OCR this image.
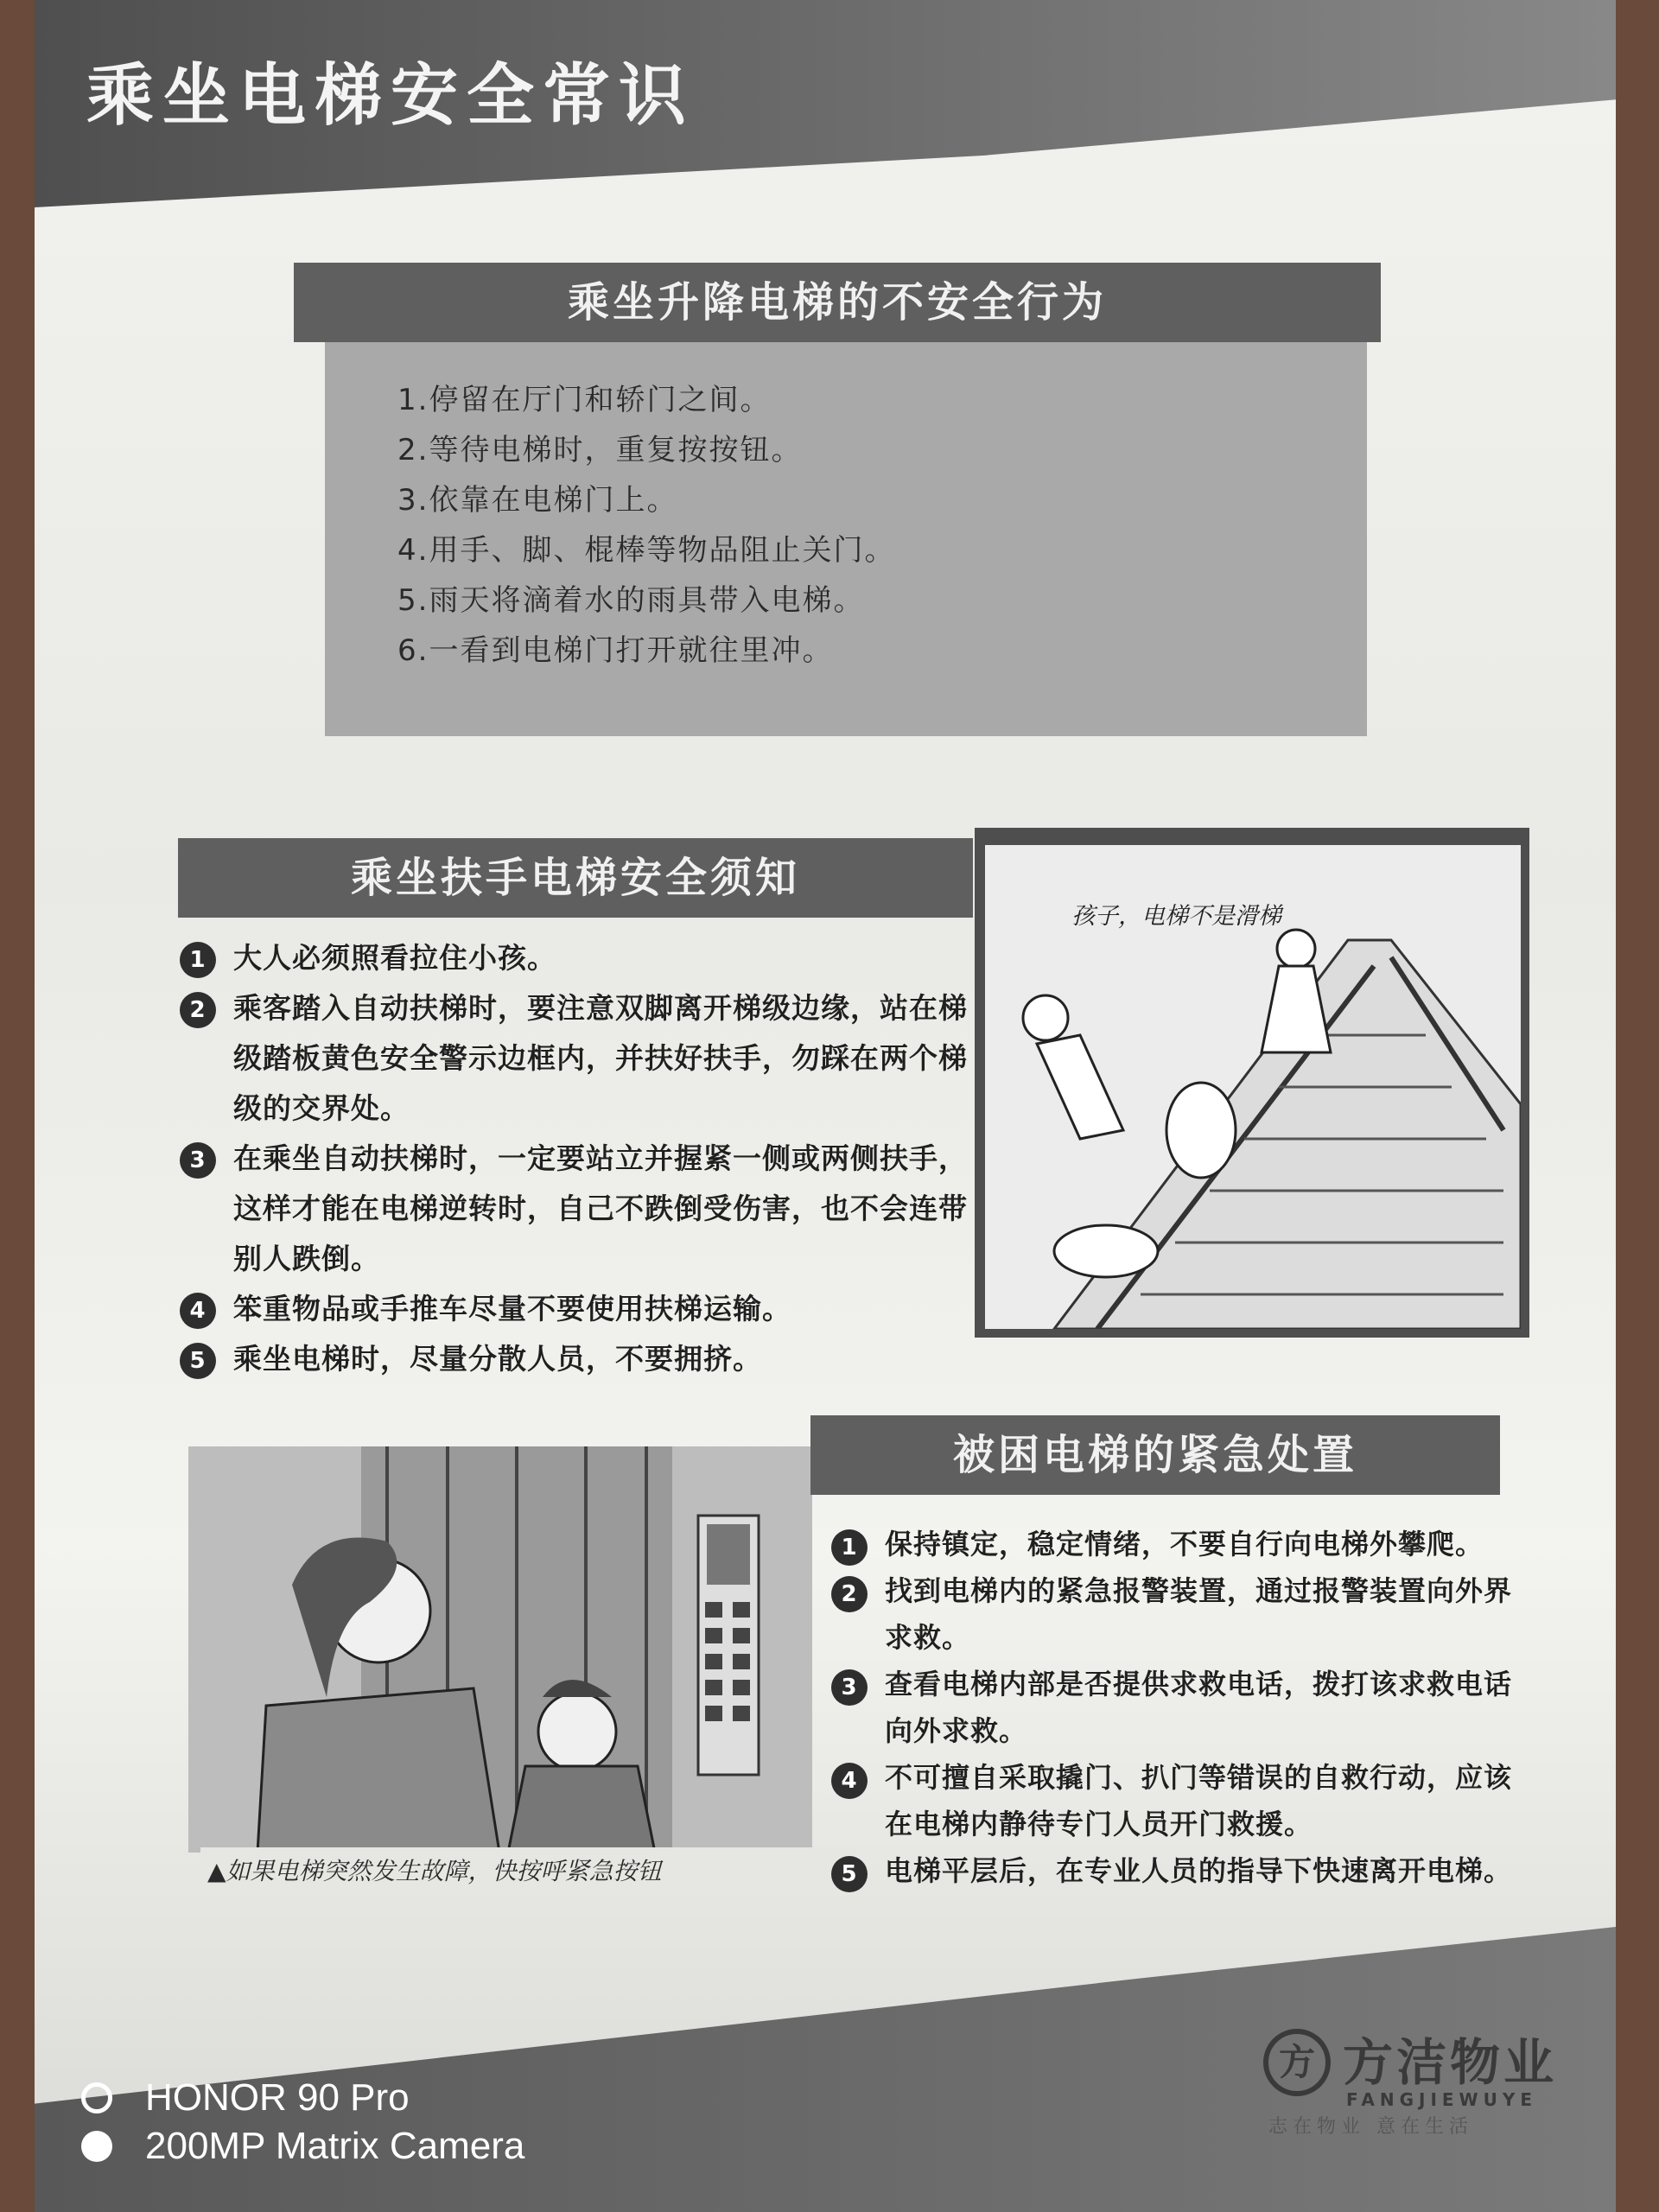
乘坐电梯安全常识
乘坐升降电梯的不安全行为
1.停留在厅门和轿门之间。
2.等待电梯时，重复按按钮。
3.依靠在电梯门上。
4.用手、脚、棍棒等物品阻止关门。
5.雨天将滴着水的雨具带入电梯。
6.一看到电梯门打开就往里冲。
乘坐扶手电梯安全须知
1 大人必须照看拉住小孩。
2 乘客踏入自动扶梯时，要注意双脚离开梯级边缘，站在梯级踏板黄色安全警示边框内，并扶好扶手，勿踩在两个梯级的交界处。
3 在乘坐自动扶梯时，一定要站立并握紧一侧或两侧扶手，这样才能在电梯逆转时，自己不跌倒受伤害，也不会连带别人跌倒。
4 笨重物品或手推车尽量不要使用扶梯运输。
5 乘坐电梯时，尽量分散人员，不要拥挤。
孩子，电梯不是滑梯
▲如果电梯突然发生故障，快按呼紧急按钮
被困电梯的紧急处置
1 保持镇定，稳定情绪，不要自行向电梯外攀爬。
2 找到电梯内的紧急报警装置，通过报警装置向外界求救。
3 查看电梯内部是否提供求救电话，拨打该求救电话向外求救。
4 不可擅自采取撬门、扒门等错误的自救行动，应该在电梯内静待专门人员开门救援。
5 电梯平层后，在专业人员的指导下快速离开电梯。
方 方洁物业
FANGJIEWUYE
志在物业 意在生活
HONOR 90 Pro
200MP Matrix Camera
